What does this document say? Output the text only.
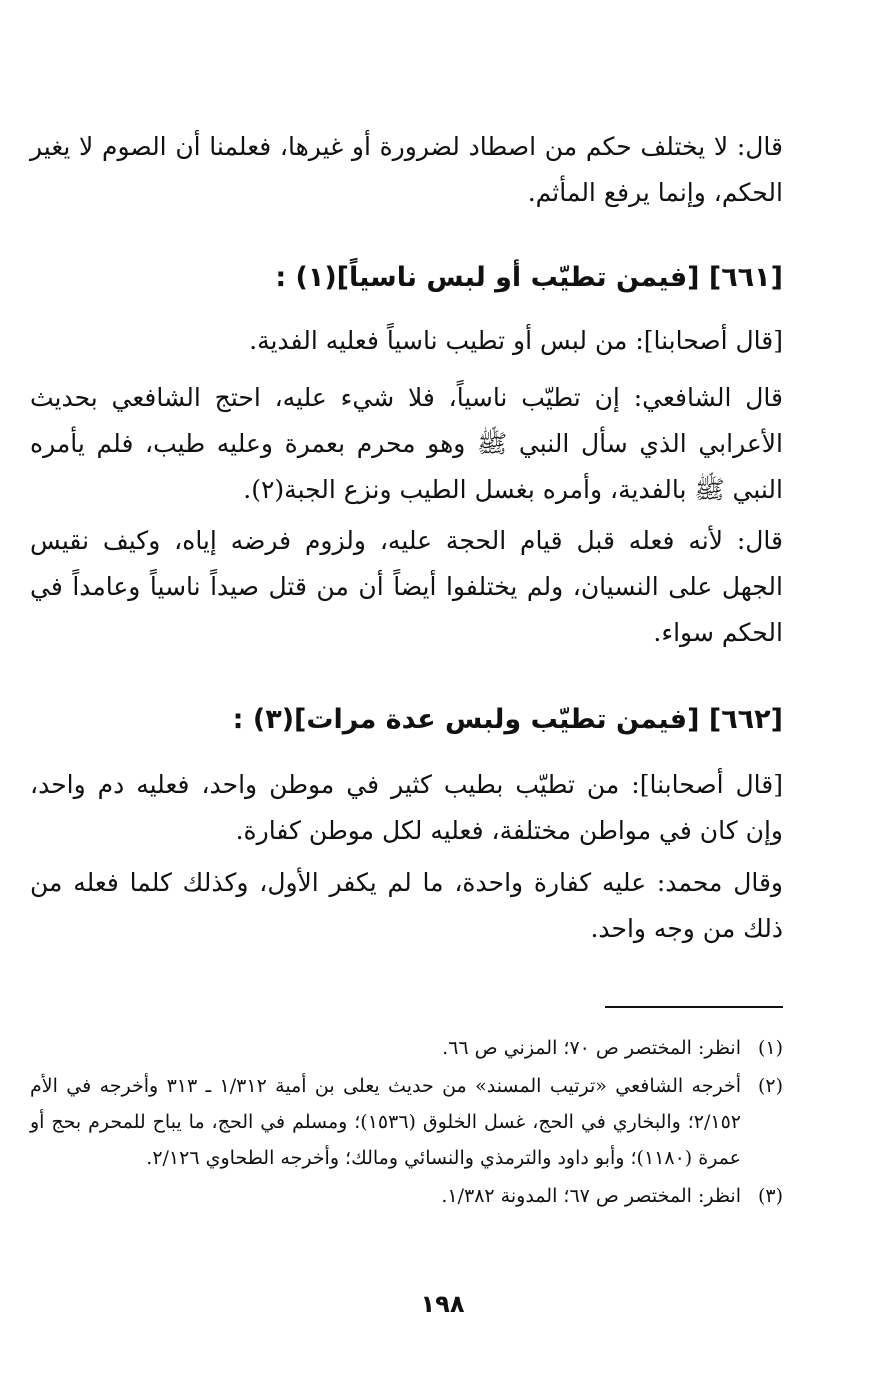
قال: لا يختلف حكم من اصطاد لضرورة أو غيرها، فعلمنا أن الصوم لا يغير الحكم، وإنما يرفع المأثم.
[٦٦١] [فيمن تطيّب أو لبس ناسياً](١) :
[قال أصحابنا]: من لبس أو تطيب ناسياً فعليه الفدية.
قال الشافعي: إن تطيّب ناسياً، فلا شيء عليه، احتج الشافعي بحديث الأعرابي الذي سأل النبي ﷺ وهو محرم بعمرة وعليه طيب، فلم يأمره النبي ﷺ بالفدية، وأمره بغسل الطيب ونزع الجبة(٢).
قال: لأنه فعله قبل قيام الحجة عليه، ولزوم فرضه إياه، وكيف نقيس الجهل على النسيان، ولم يختلفوا أيضاً أن من قتل صيداً ناسياً وعامداً في الحكم سواء.
[٦٦٢] [فيمن تطيّب ولبس عدة مرات](٣) :
[قال أصحابنا]: من تطيّب بطيب كثير في موطن واحد، فعليه دم واحد، وإن كان في مواطن مختلفة، فعليه لكل موطن كفارة.
وقال محمد: عليه كفارة واحدة، ما لم يكفر الأول، وكذلك كلما فعله من ذلك من وجه واحد.
(١)
انظر: المختصر ص ٧٠؛ المزني ص ٦٦.
(٢)
أخرجه الشافعي «ترتيب المسند» من حديث يعلى بن أمية ١/٣١٢ ـ ٣١٣ وأخرجه في الأم ٢/١٥٢؛ والبخاري في الحج، غسل الخلوق (١٥٣٦)؛ ومسلم في الحج، ما يباح للمحرم بحج أو عمرة (١١٨٠)؛ وأبو داود والترمذي والنسائي ومالك؛ وأخرجه الطحاوي ٢/١٢٦.
(٣)
انظر: المختصر ص ٦٧؛ المدونة ١/٣٨٢.
١٩٨
